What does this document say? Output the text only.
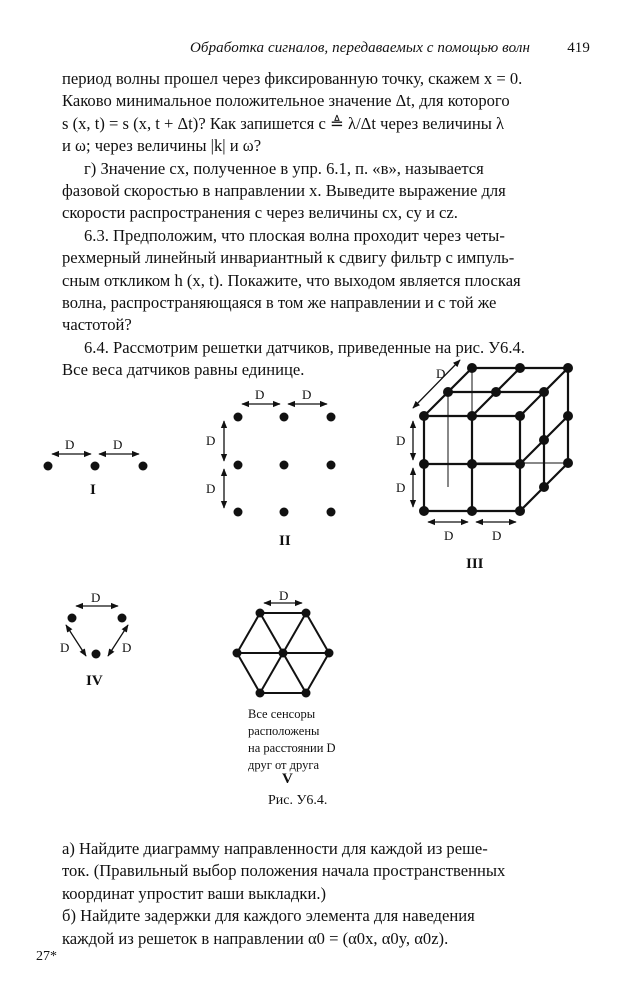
Обработка сигналов, передаваемых с помощью волн 419
период волны прошел через фиксированную точку, скажем x = 0.
Каково минимальное положительное значение Δt, для которого
s (x, t) = s (x, t + Δt)? Как запишется c ≜ λ/Δt через величины λ
и ω; через величины |k| и ω?
г) Значение cx, полученное в упр. 6.1, п. «в», называется
фазовой скоростью в направлении x. Выведите выражение для
скорости распространения c через величины cx, cy и cz.
6.3. Предположим, что плоская волна проходит через четы-
рехмерный линейный инвариантный к сдвигу фильтр с импуль-
сным откликом h (x, t). Покажите, что выходом является плоская
волна, распространяющаяся в том же направлении и с той же
частотой?
6.4. Рассмотрим решетки датчиков, приведенные на рис. У6.4.
Все веса датчиков равны единице.
D	D
D	D
D
D
D
D
D
D	D
D
D	D
D
I
II
III
IV
V
Все сенсоры
расположены
на расстоянии D
друг от друга
Рис. У6.4.
а) Найдите диаграмму направленности для каждой из реше-
ток. (Правильный выбор положения начала пространственных
координат упростит ваши выкладки.)
б) Найдите задержки для каждого элемента для наведения
каждой из решеток в направлении α0 = (α0x, α0y, α0z).
27*
